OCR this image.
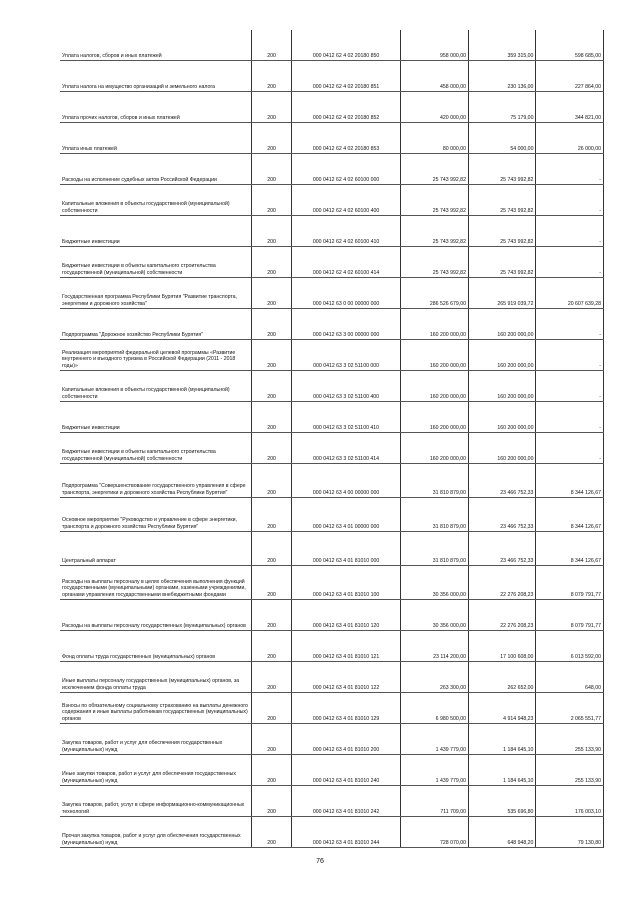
Уплата налогов, сборов и иных платежей	200	000 0412 62 4 02 20180 850	958 000,00	359 315,00	598 685,00
Уплата налога на имущество организаций и земельного налога	200	000 0412 62 4 02 20180 851	458 000,00	230 136,00	227 864,00
Уплата прочих налогов, сборов и иных платежей	200	000 0412 62 4 02 20180 852	420 000,00	75 179,00	344 821,00
Уплата иных платежей	200	000 0412 62 4 02 20180 853	80 000,00	54 000,00	26 000,00
Расходы на исполнение судебных актов Российской Федерации	200	000 0412 62 4 02 60100 000	25 743 992,82	25 743 992,82	-
Капитальные вложения в объекты государственной (муниципальной) собственности	200	000 0412 62 4 02 60100 400	25 743 992,82	25 743 992,82	-
Бюджетные инвестиции	200	000 0412 62 4 02 60100 410	25 743 992,82	25 743 992,82	-
Бюджетные инвестиции в объекты капитального строительства государственной (муниципальной) собственности	200	000 0412 62 4 02 60100 414	25 743 992,82	25 743 992,82	-
Государственная программа Республики Бурятия "Развитие транспорта, энергетики и дорожного хозяйства"	200	000 0412 63 0 00 00000 000	286 526 679,00	265 919 039,72	20 607 639,28
Подпрограмма "Дорожное хозяйство Республики Бурятия"	200	000 0412 63 3 00 00000 000	160 200 000,00	160 200 000,00	-
Реализация мероприятий федеральной целевой программы «Развитие внутреннего и въездного туризма в Российской Федерации (2011 - 2018 годы)»	200	000 0412 63 3 02 51100 000	160 200 000,00	160 200 000,00	-
Капитальные вложения в объекты государственной (муниципальной) собственности	200	000 0412 63 3 02 51100 400	160 200 000,00	160 200 000,00	-
Бюджетные инвестиции	200	000 0412 63 3 02 51100 410	160 200 000,00	160 200 000,00	-
Бюджетные инвестиции в объекты капитального строительства государственной (муниципальной) собственности	200	000 0412 63 3 02 51100 414	160 200 000,00	160 200 000,00	-
Подпрограмма "Совершенствование государственного управления в сфере транспорта, энергетики и дорожного хозяйства Республики Бурятия"	200	000 0412 63 4 00 00000 000	31 810 879,00	23 466 752,33	8 344 126,67
Основное мероприятие "Руководство и управление в сфере энергетики, транспорта и дорожного хозяйства Республики Бурятия"	200	000 0412 63 4 01 00000 000	31 810 879,00	23 466 752,33	8 344 126,67
Центральный аппарат	200	000 0412 63 4 01 81010 000	31 810 879,00	23 466 752,33	8 344 126,67
Расходы на выплаты персоналу в целях обеспечения выполнения функций государственными (муниципальными) органами, казенными учреждениями, органами управления государственными внебюджетными фондами	200	000 0412 63 4 01 81010 100	30 356 000,00	22 276 208,23	8 079 791,77
Расходы на выплаты персоналу государственных (муниципальных) органов	200	000 0412 63 4 01 81010 120	30 356 000,00	22 276 208,23	8 079 791,77
Фонд оплаты труда государственных (муниципальных) органов	200	000 0412 63 4 01 81010 121	23 114 200,00	17 100 608,00	6 013 592,00
Иные выплаты персоналу государственных (муниципальных) органов, за исключением фонда оплаты труда	200	000 0412 63 4 01 81010 122	263 300,00	262 652,00	648,00
Взносы по обязательному социальному страхованию на выплаты денежного содержания и иные выплаты работникам государственных (муниципальных) органов	200	000 0412 63 4 01 81010 129	6 980 500,00	4 914 948,23	2 065 551,77
Закупка товаров, работ и услуг для обеспечения государственных (муниципальных) нужд	200	000 0412 63 4 01 81010 200	1 439 779,00	1 184 645,10	255 133,90
Иные закупки товаров, работ и услуг для обеспечения государственных (муниципальных) нужд	200	000 0412 63 4 01 81010 240	1 439 779,00	1 184 645,10	255 133,90
Закупка товаров, работ, услуг в сфере информационно-коммуникационных технологий	200	000 0412 63 4 01 81010 242	711 709,00	535 696,80	176 003,10
Прочая закупка товаров, работ и услуг для обеспечения государственных (муниципальных) нужд	200	000 0412 63 4 01 81010 244	728 070,00	648 948,20	79 130,80
76
